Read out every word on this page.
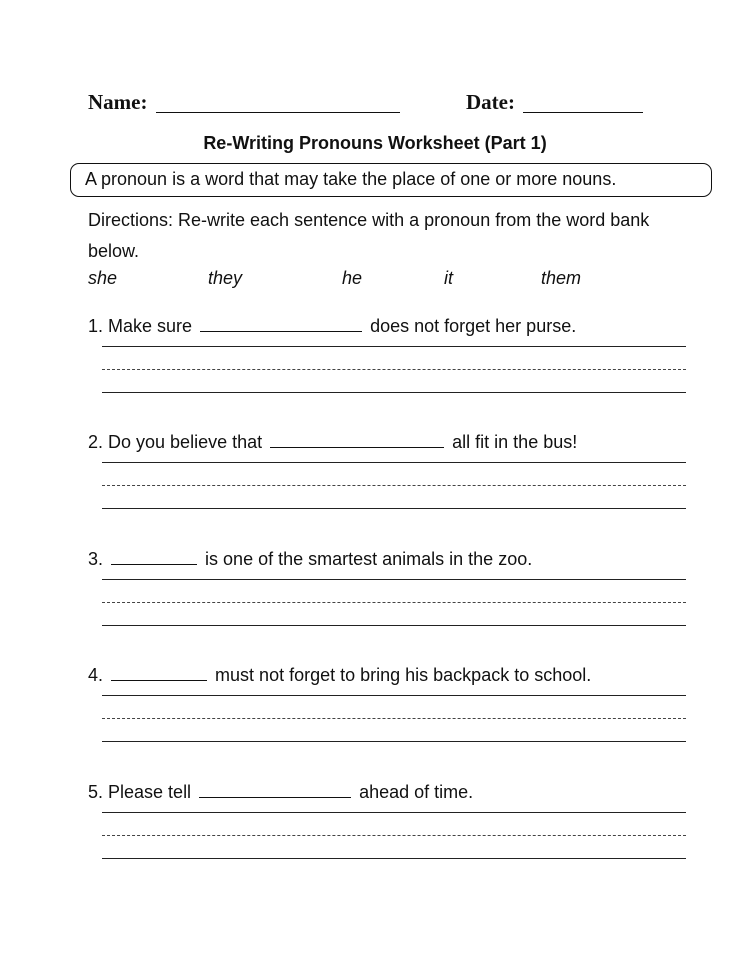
Name:	Date:
Re-Writing Pronouns Worksheet (Part 1)
A pronoun is a word that may take the place of one or more nouns.
Directions: Re-write each sentence with a pronoun from the word bank below.
she	they	he	it	them
1. Make sure	does not forget her purse.
2. Do you believe that	all fit in the bus!
3.	is one of the smartest animals in the zoo.
4.	must not forget to bring his backpack to school.
5. Please tell	ahead of time.
